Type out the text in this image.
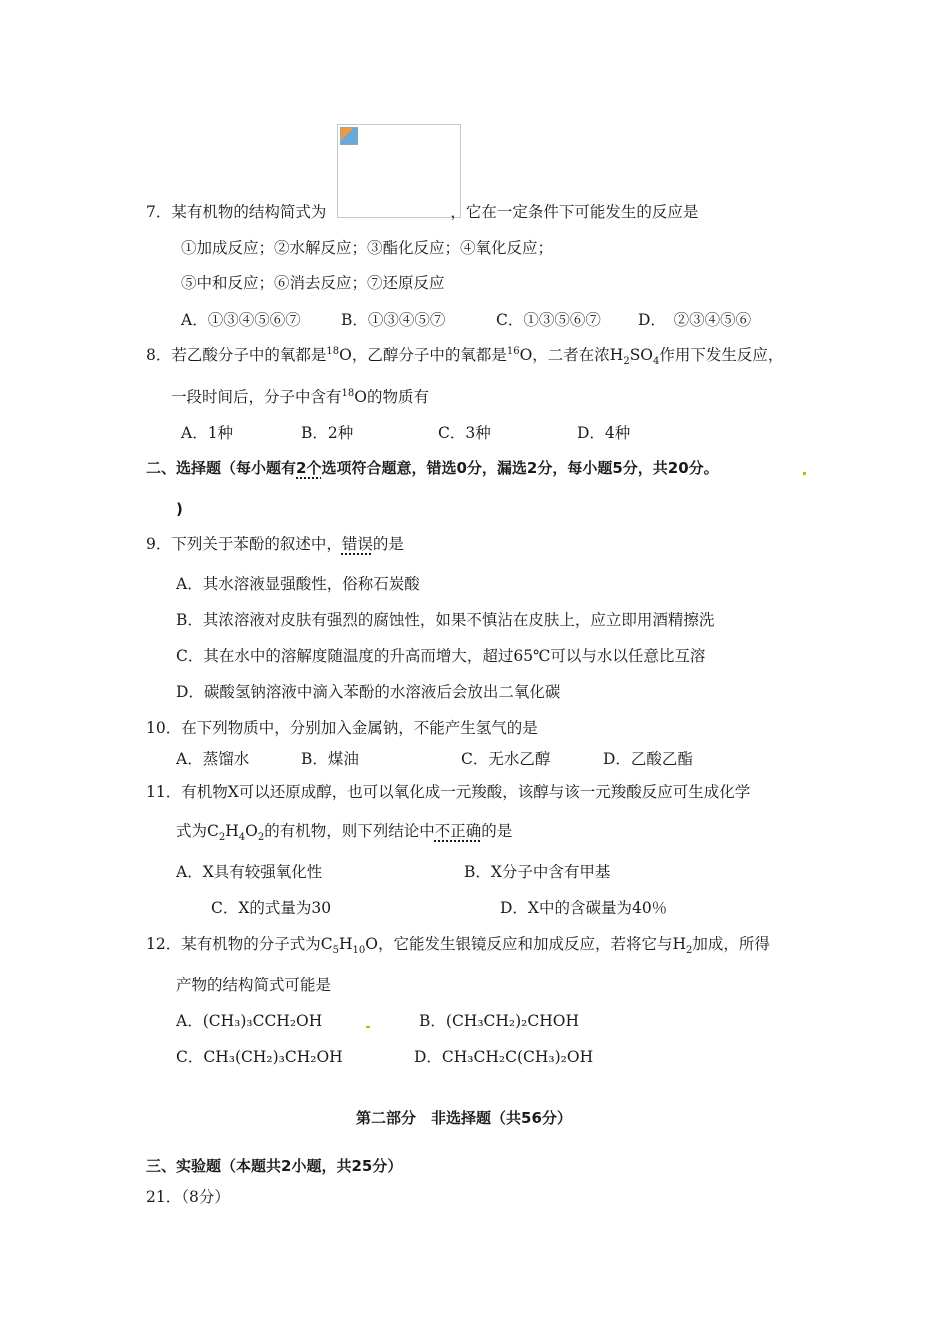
7．某有机物的结构简式为	，它在一定条件下可能发生的反应是
①加成反应；②水解反应；③酯化反应；④氧化反应；
⑤中和反应；⑥消去反应；⑦还原反应
A．①③④⑤⑥⑦	B．①③④⑤⑦	C．①③⑤⑥⑦ D．　②③④⑤⑥
8．若乙酸分子中的氧都是$^{18}$O，乙醇分子中的氧都是$^{16}$O，二者在浓$H_2SO_4$作用下发生反应，
一段时间后，分子中含有$^{18}$O的物质有
A．1种	B．2种	C．3种	D．4种
二、选择题（每小题有2个选项符合题意，错选0分，漏选2分，每小题5分，共20分。
)
9．下列关于苯酚的叙述中，错误的是
A．其水溶液显强酸性，俗称石炭酸
B．其浓溶液对皮肤有强烈的腐蚀性，如果不慎沾在皮肤上，应立即用酒精擦洗
C．其在水中的溶解度随温度的升高而增大，超过65℃可以与水以任意比互溶
D．碳酸氢钠溶液中滴入苯酚的水溶液后会放出二氧化碳
10．在下列物质中，分别加入金属钠，不能产生氢气的是
A．蒸馏水	B．煤油	C．无水乙醇	D．乙酸乙酯
11．有机物X可以还原成醇，也可以氧化成一元羧酸，该醇与该一元羧酸反应可生成化学
式为$C_2H_4O_2$的有机物，则下列结论中不正确的是
A．X具有较强氧化性	B．X分子中含有甲基
C．X的式量为30	D．X中的含碳量为40％
12．某有机物的分子式为$C_5H_{10}O$，它能发生银镜反应和加成反应，若将它与$H_2$加成，所得
产物的结构简式可能是
A．(CH₃)₃CCH₂OH	B．(CH₃CH₂)₂CHOH
C．CH₃(CH₂)₃CH₂OH	D．CH₃CH₂C(CH₃)₂OH
第二部分　非选择题（共56分）
三、实验题（本题共2小题，共25分）
21．（8分）
